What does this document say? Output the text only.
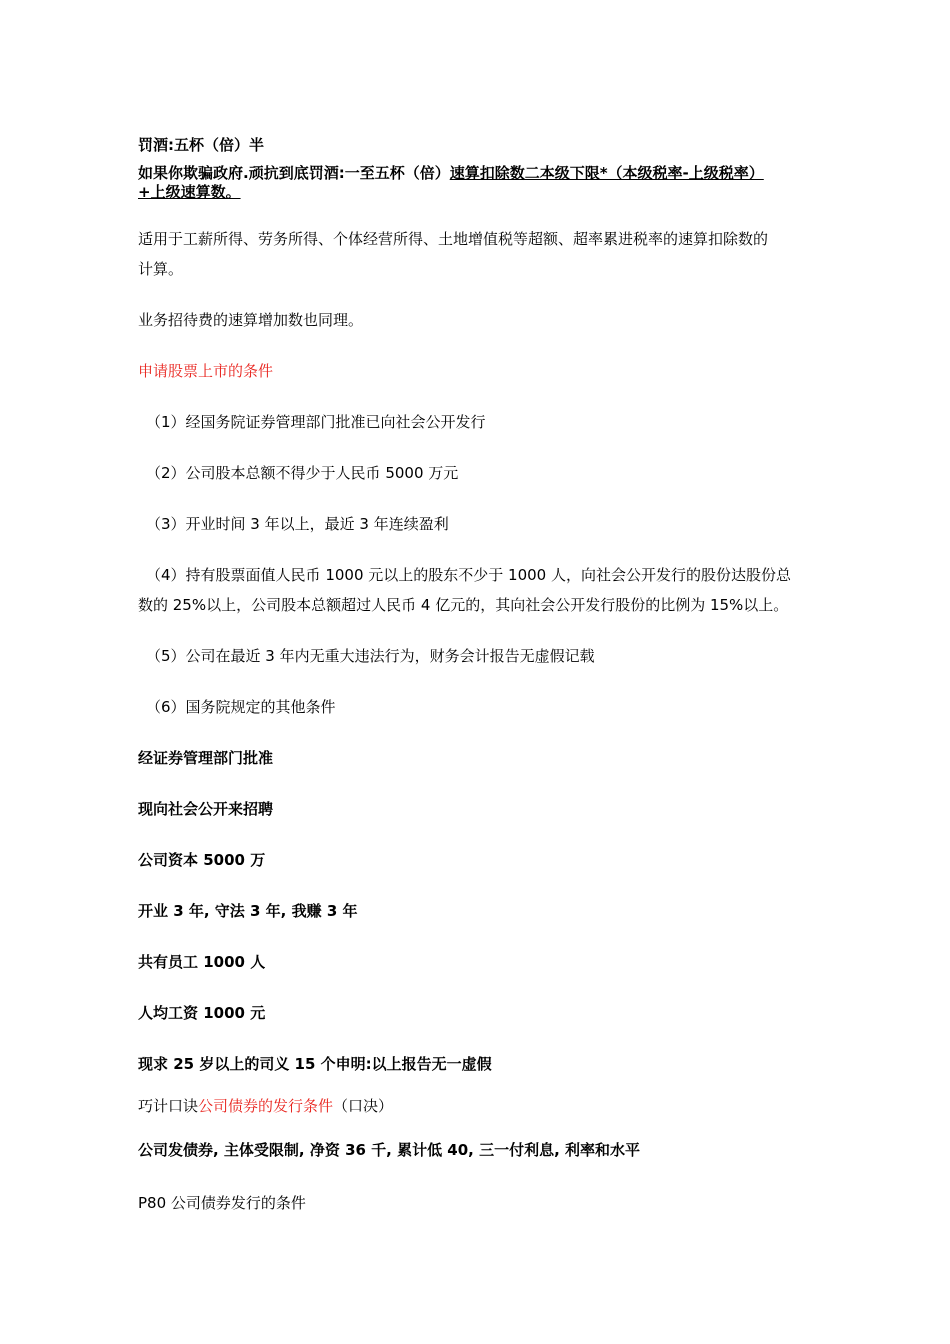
罚酒:五杯（倍）半
如果你欺骗政府.顽抗到底罚酒:一至五杯（倍）速算扣除数二本级下限*（本级税率-上级税率）
+上级速算数。
适用于工薪所得、劳务所得、个体经营所得、土地增值税等超额、超率累进税率的速算扣除数的
计算。
业务招待费的速算增加数也同理。
申请股票上市的条件
（1）经国务院证券管理部门批准已向社会公开发行
（2）公司股本总额不得少于人民币 5000 万元
（3）开业时间 3 年以上，最近 3 年连续盈利
（4）持有股票面值人民币 1000 元以上的股东不少于 1000 人，向社会公开发行的股份达股份总
数的 25%以上，公司股本总额超过人民币 4 亿元的，其向社会公开发行股份的比例为 15%以上。
（5）公司在最近 3 年内无重大违法行为，财务会计报告无虚假记载
（6）国务院规定的其他条件
经证券管理部门批准
现向社会公开来招聘
公司资本 5000 万
开业 3 年, 守法 3 年, 我赚 3 年
共有员工 1000 人
人均工资 1000 元
现求 25 岁以上的司义 15 个申明:以上报告无一虚假
巧计口诀公司债券的发行条件（口决）
公司发债券, 主体受限制, 净资 36 千, 累计低 40, 三一付利息, 利率和水平
P80 公司债券发行的条件
